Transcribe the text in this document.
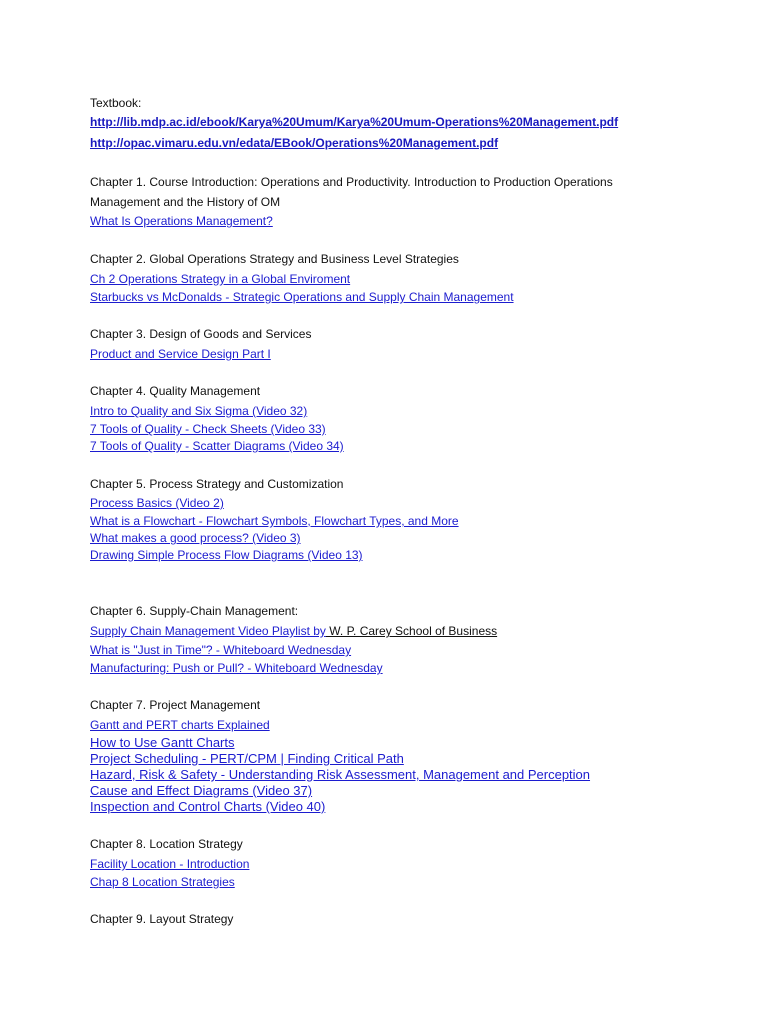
Textbook:
http://lib.mdp.ac.id/ebook/Karya%20Umum/Karya%20Umum-Operations%20Management.pdf
http://opac.vimaru.edu.vn/edata/EBook/Operations%20Management.pdf
Chapter 1. Course Introduction: Operations and Productivity. Introduction to Production Operations
Management and the History of OM
What Is Operations Management?
Chapter 2. Global Operations Strategy and Business Level Strategies
Ch 2 Operations Strategy in a Global Enviroment
Starbucks vs McDonalds - Strategic Operations and Supply Chain Management
Chapter 3. Design of Goods and Services
Product and Service Design Part I
Chapter 4. Quality Management
Intro to Quality and Six Sigma (Video 32)
7 Tools of Quality - Check Sheets (Video 33)
7 Tools of Quality - Scatter Diagrams (Video 34)
Chapter 5. Process Strategy and Customization
Process Basics (Video 2)
What is a Flowchart - Flowchart Symbols, Flowchart Types, and More
What makes a good process? (Video 3)
Drawing Simple Process Flow Diagrams (Video 13)
Chapter 6. Supply-Chain Management:
Supply Chain Management Video Playlist by W. P. Carey School of Business
What is "Just in Time"? - Whiteboard Wednesday
Manufacturing: Push or Pull? - Whiteboard Wednesday
Chapter 7. Project Management
Gantt and PERT charts Explained
How to Use Gantt Charts
Project Scheduling - PERT/CPM | Finding Critical Path
Hazard, Risk & Safety - Understanding Risk Assessment, Management and Perception
Cause and Effect Diagrams (Video 37)
Inspection and Control Charts (Video 40)
Chapter 8. Location Strategy
Facility Location - Introduction
Chap 8 Location Strategies
Chapter 9. Layout Strategy
